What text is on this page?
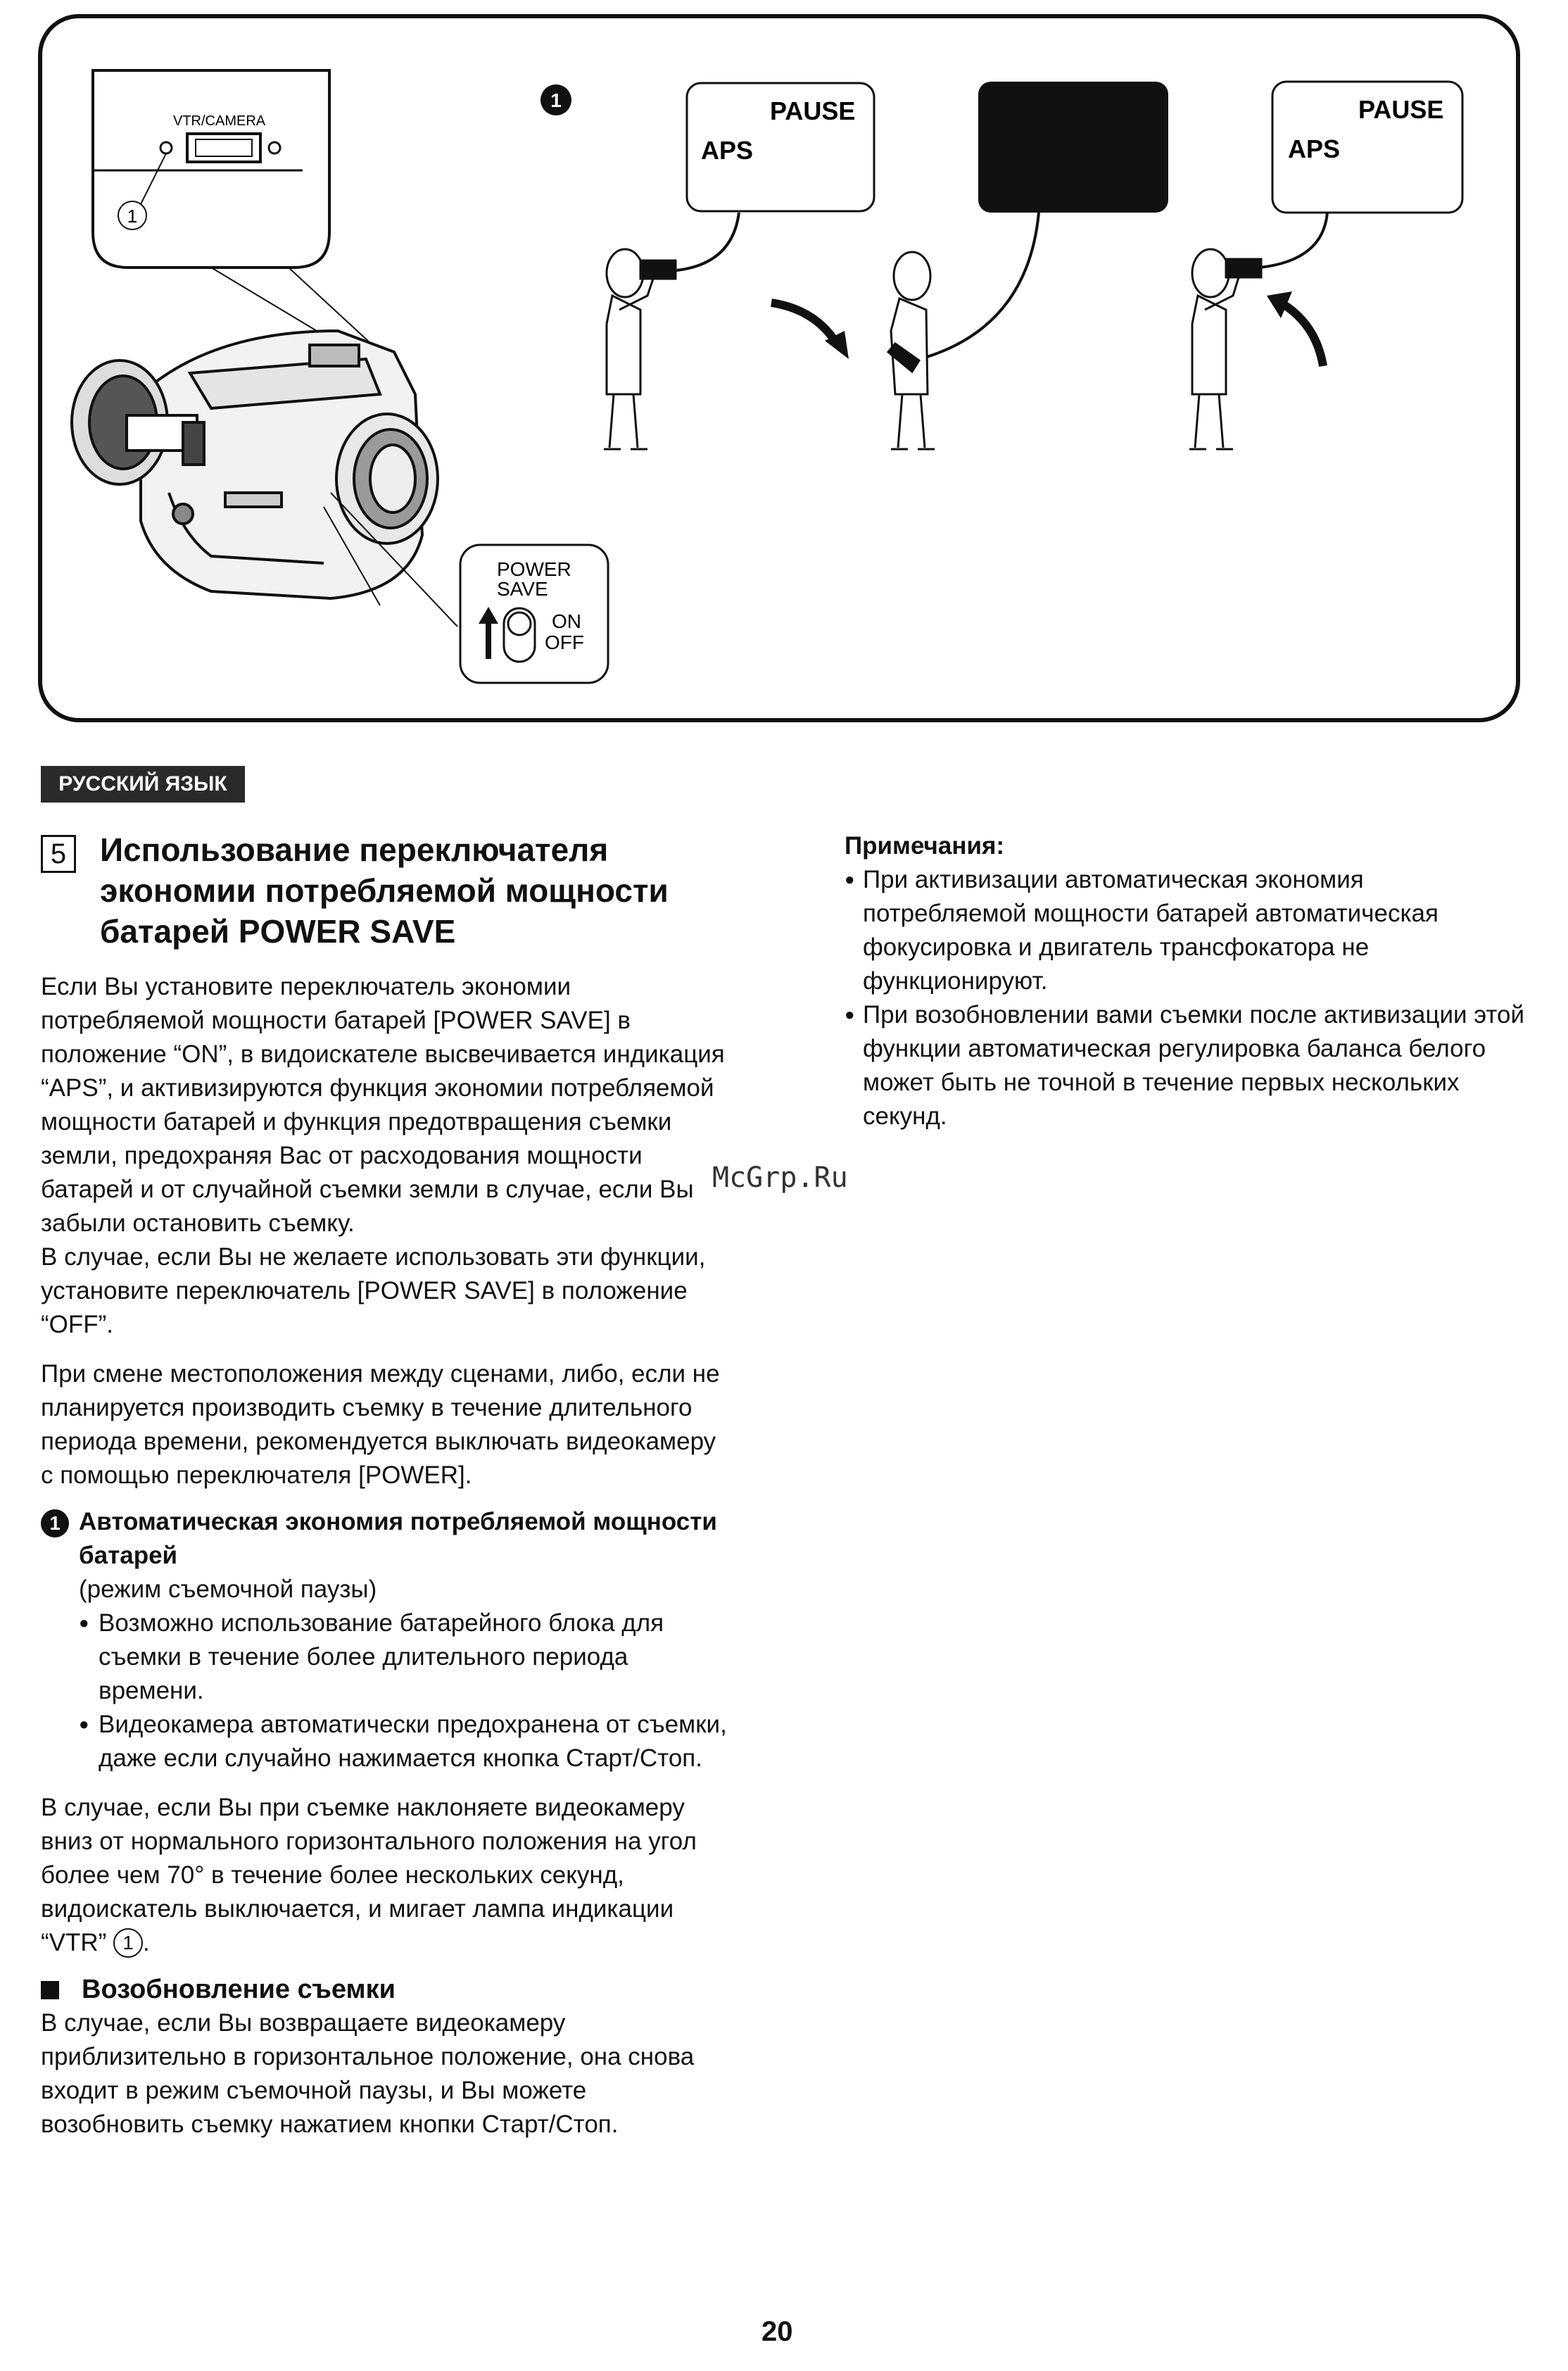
VTR/CAMERA
1
POWER
SAVE
ON
OFF
1	PAUSE
APS
PAUSE
APS
РУССКИЙ ЯЗЫК
5	Использование переключателя
экономии потребляемой мощности
батарей POWER SAVE

Если Вы установите переключатель экономии потребляемой мощности батарей [POWER SAVE] в положение “ON”, в видоискателе высвечивается индикация “APS”, и активизируются функция экономии потребляемой мощности батарей и функция предотвращения съемки земли, предохраняя Вас от расходования мощности батарей и от случайной съемки земли в случае, если Вы забыли остановить съемку.

В случае, если Вы не желаете использовать эти функции, установите переключатель [POWER SAVE] в положение “OFF”.

При смене местоположения между сценами, либо, если не планируется производить съемку в течение длительного периода времени, рекомендуется выключать видеокамеру с помощью переключателя [POWER].

1 Автоматическая экономия потребляемой мощности батарей

(режим съемочной паузы)

● Возможно использование батарейного блока для съемки в течение более длительного периода времени.

● Видеокамера автоматически предохранена от съемки, даже если случайно нажимается кнопка Старт/Стоп.

В случае, если Вы при съемке наклоняете видеокамеру вниз от нормального горизонтального положения на угол более чем 70° в течение более нескольких секунд, видоискатель выключается, и мигает лампа индикации “VTR” 1 .

Возобновление съемки

В случае, если Вы возвращаете видеокамеру приблизительно в горизонтальное положение, она снова входит в режим съемочной паузы, и Вы можете возобновить съемку нажатием кнопки Старт/Стоп.

Примечания:

● При активизации автоматическая экономия потребляемой мощности батарей автоматическая фокусировка и двигатель трансфокатора не функционируют.

● При возобновлении вами съемки после активизации этой функции автоматическая регулировка баланса белого может быть не точной в течение первых нескольких секунд.

McGrp.Ru
20
